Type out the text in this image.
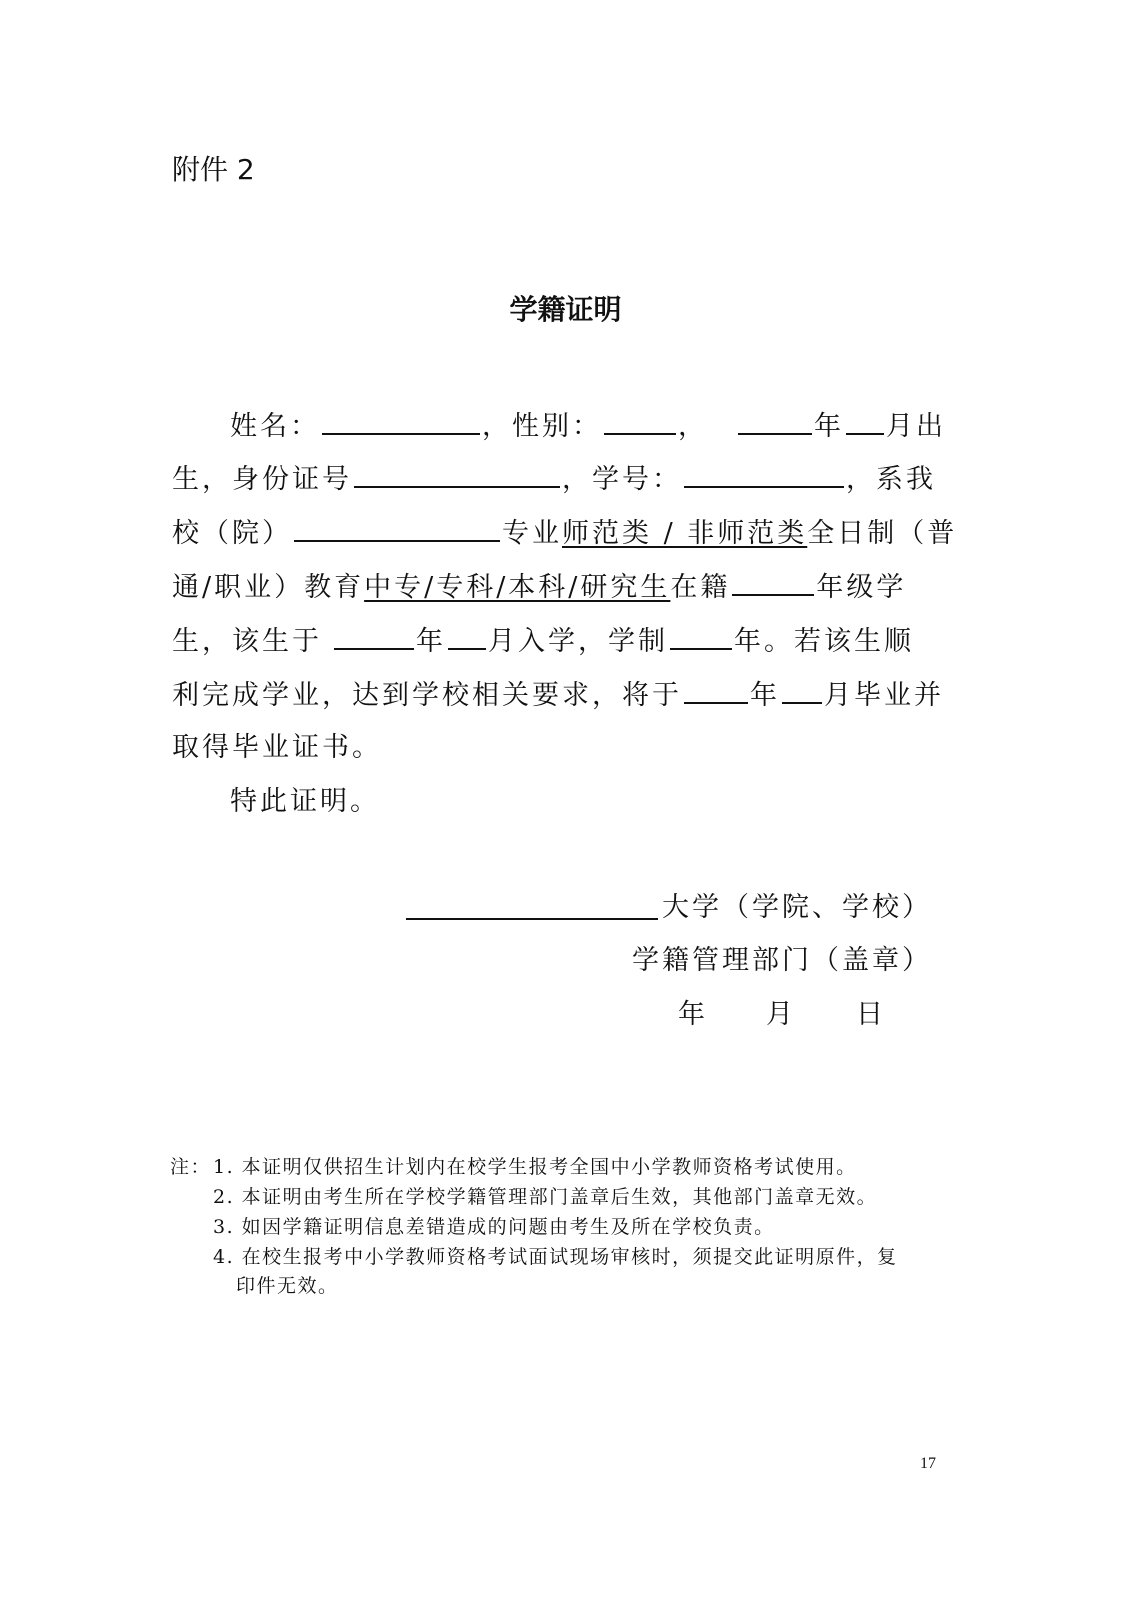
附件 2
学籍证明
姓名：	，性别：	，	年 月出
生，身份证号	，学号：	，系我
校（院）	专业师范类 / 非师范类全日制（普
通/职业）教育中专/专科/本科/研究生在籍	年级学
生，该生于	年 月入学，学制 年。若该生顺
利完成学业，达到学校相关要求，将于	年 月毕业并
取得毕业证书。
特此证明。
大学（学院、学校）
学籍管理部门（盖章）
年 月 日
注： 1. 本证明仅供招生计划内在校学生报考全国中小学教师资格考试使用。
2. 本证明由考生所在学校学籍管理部门盖章后生效，其他部门盖章无效。
3. 如因学籍证明信息差错造成的问题由考生及所在学校负责。
4. 在校生报考中小学教师资格考试面试现场审核时，须提交此证明原件，复
印件无效。
17
